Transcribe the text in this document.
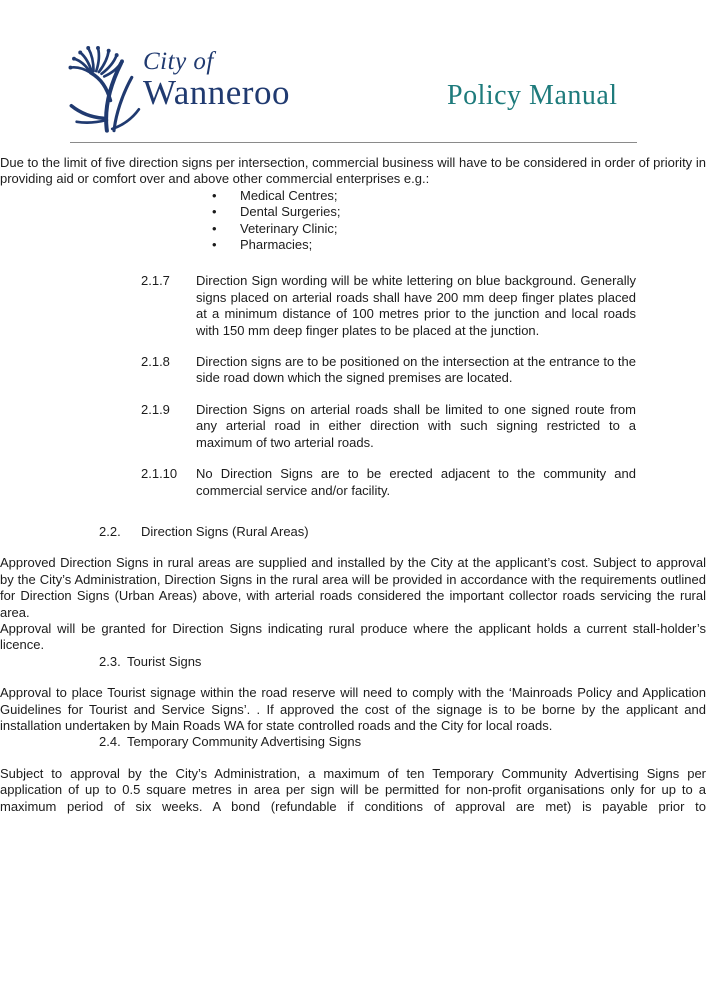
City of
Wanneroo	Policy Manual

Due to the limit of five direction signs per intersection, commercial business will have to be considered in order of priority in providing aid or comfort over and above other commercial enterprises e.g.:

•	Medical Centres;
•	Dental Surgeries;
•	Veterinary Clinic;
•	Pharmacies;
2.1.7	Direction Sign wording will be white lettering on blue background. Generally signs placed on arterial roads shall have 200 mm deep finger plates placed at a minimum distance of 100 metres prior to the junction and local roads with 150 mm deep finger plates to be placed at the junction.

2.1.8	Direction signs are to be positioned on the intersection at the entrance to the side road down which the signed premises are located.

2.1.9	Direction Signs on arterial roads shall be limited to one signed route from any arterial road in either direction with such signing restricted to a maximum of two arterial roads.

2.1.10	No Direction Signs are to be erected adjacent to the community and commercial service and/or facility.

2.2.	Direction Signs (Rural Areas)

Approved Direction Signs in rural areas are supplied and installed by the City at the applicant’s cost. Subject to approval by the City’s Administration, Direction Signs in the rural area will be provided in accordance with the requirements outlined for Direction Signs (Urban Areas) above, with arterial roads considered the important collector roads servicing the rural area.

Approval will be granted for Direction Signs indicating rural produce where the applicant holds a current stall-holder’s licence.

2.3. Tourist Signs

Approval to place Tourist signage within the road reserve will need to comply with the ‘Mainroads Policy and Application Guidelines for Tourist and Service Signs’. . If approved the cost of the signage is to be borne by the applicant and installation undertaken by Main Roads WA for state controlled roads and the City for local roads.

2.4. Temporary Community Advertising Signs

Subject to approval by the City’s Administration, a maximum of ten Temporary Community Advertising Signs per application of up to 0.5 square metres in area per sign will be permitted for non-profit organisations only for up to a maximum period of six weeks. A bond (refundable if conditions of approval are met) is payable prior to
